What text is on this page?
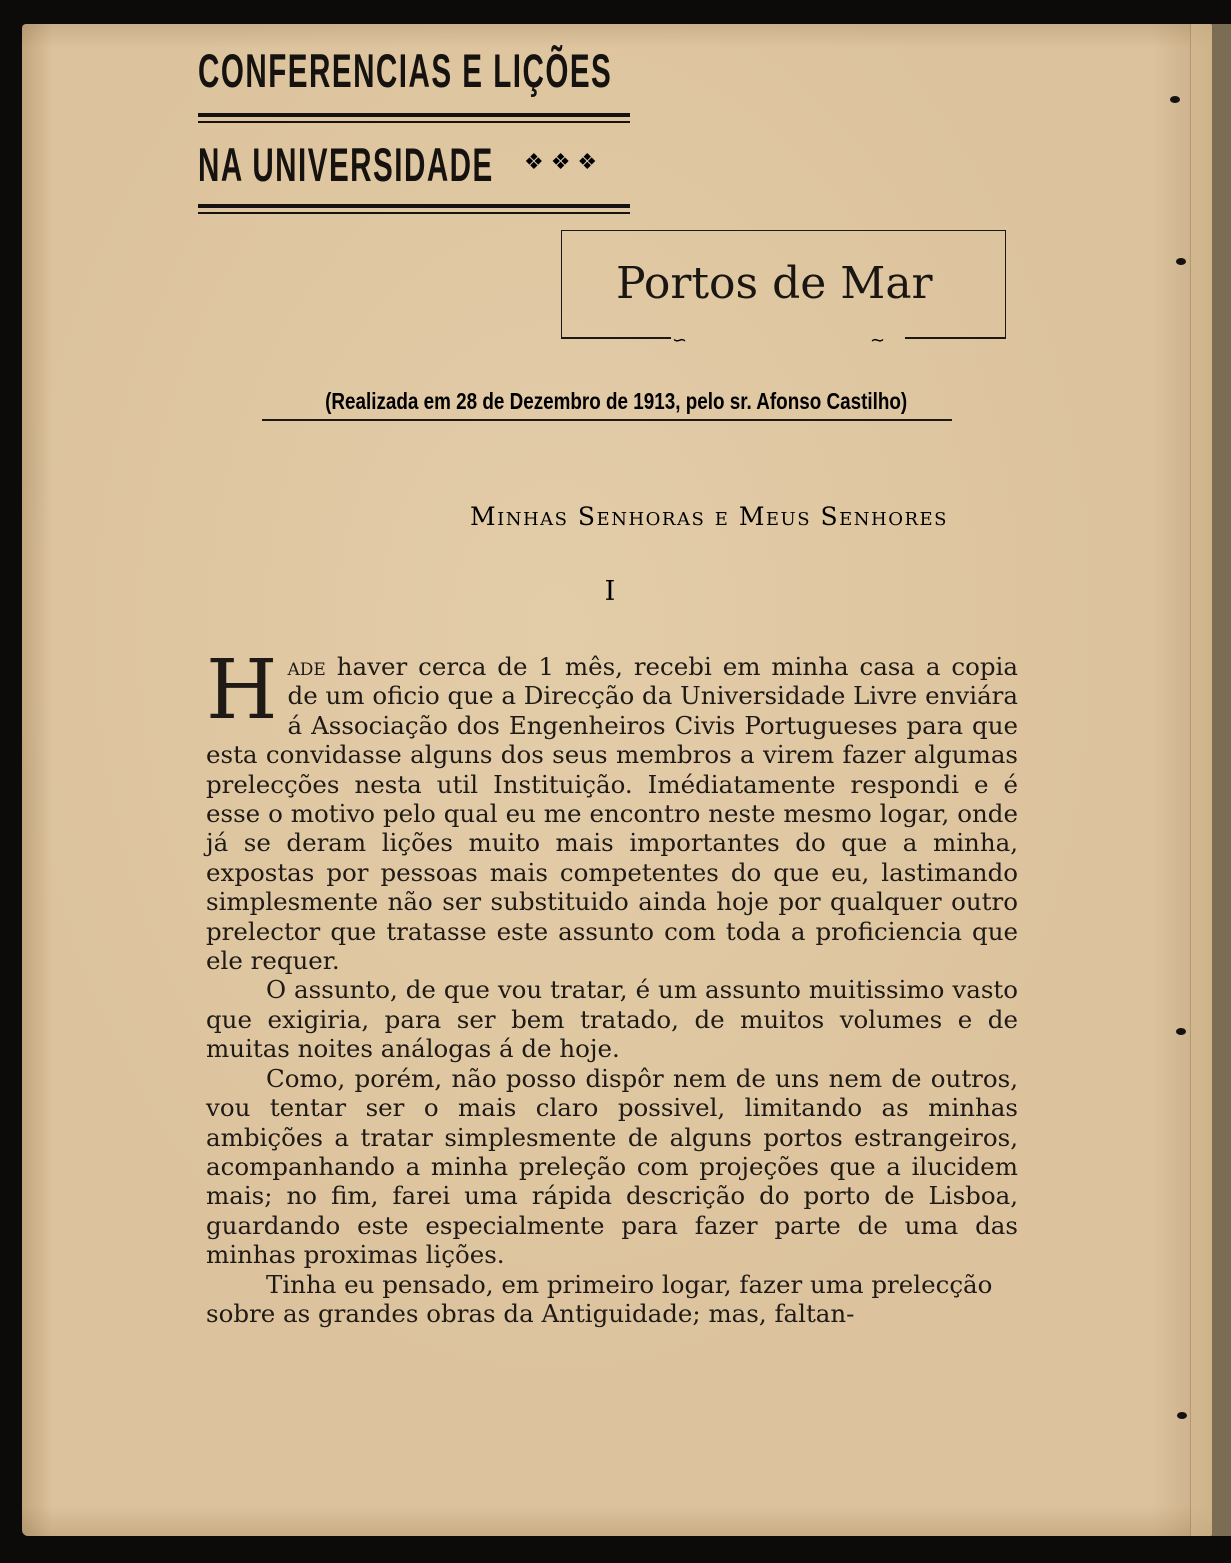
CONFERENCIAS E LIÇÕES
NA UNIVERSIDADE	❖ ❖ ❖
∽	∼
Portos de Mar
(Realizada em 28 de Dezembro de 1913, pelo sr. Afonso Castilho)
Minhas Senhoras e Meus Senhores
I

Hade haver cerca de 1 mês, recebi em minha casa a copia de um oficio que a Direcção da Universidade Livre enviára á Associação dos Engenheiros Civis Portugueses para que esta convidasse alguns dos seus membros a virem fazer algumas prelecções nesta util Instituição. Imédiatamente respondi e é esse o motivo pelo qual eu me encontro neste mesmo logar, onde já se deram lições muito mais importantes do que a minha, expostas por pessoas mais competentes do que eu, lastimando simplesmente não ser substituido ainda hoje por qualquer outro prelector que tratasse este assunto com toda a proficiencia que ele requer.

O assunto, de que vou tratar, é um assunto muitissimo vasto que exigiria, para ser bem tratado, de muitos volumes e de muitas noites análogas á de hoje.

Como, porém, não posso dispôr nem de uns nem de outros, vou tentar ser o mais claro possivel, limitando as minhas ambições a tratar simplesmente de alguns portos estrangeiros, acompanhando a minha preleção com projeções que a ilucidem mais; no fim, farei uma rápida descrição do porto de Lisboa, guardando este especialmente para fazer parte de uma das minhas proximas lições.

Tinha eu pensado, em primeiro logar, fazer uma prelecção sobre as grandes obras da Antiguidade; mas, faltan-
